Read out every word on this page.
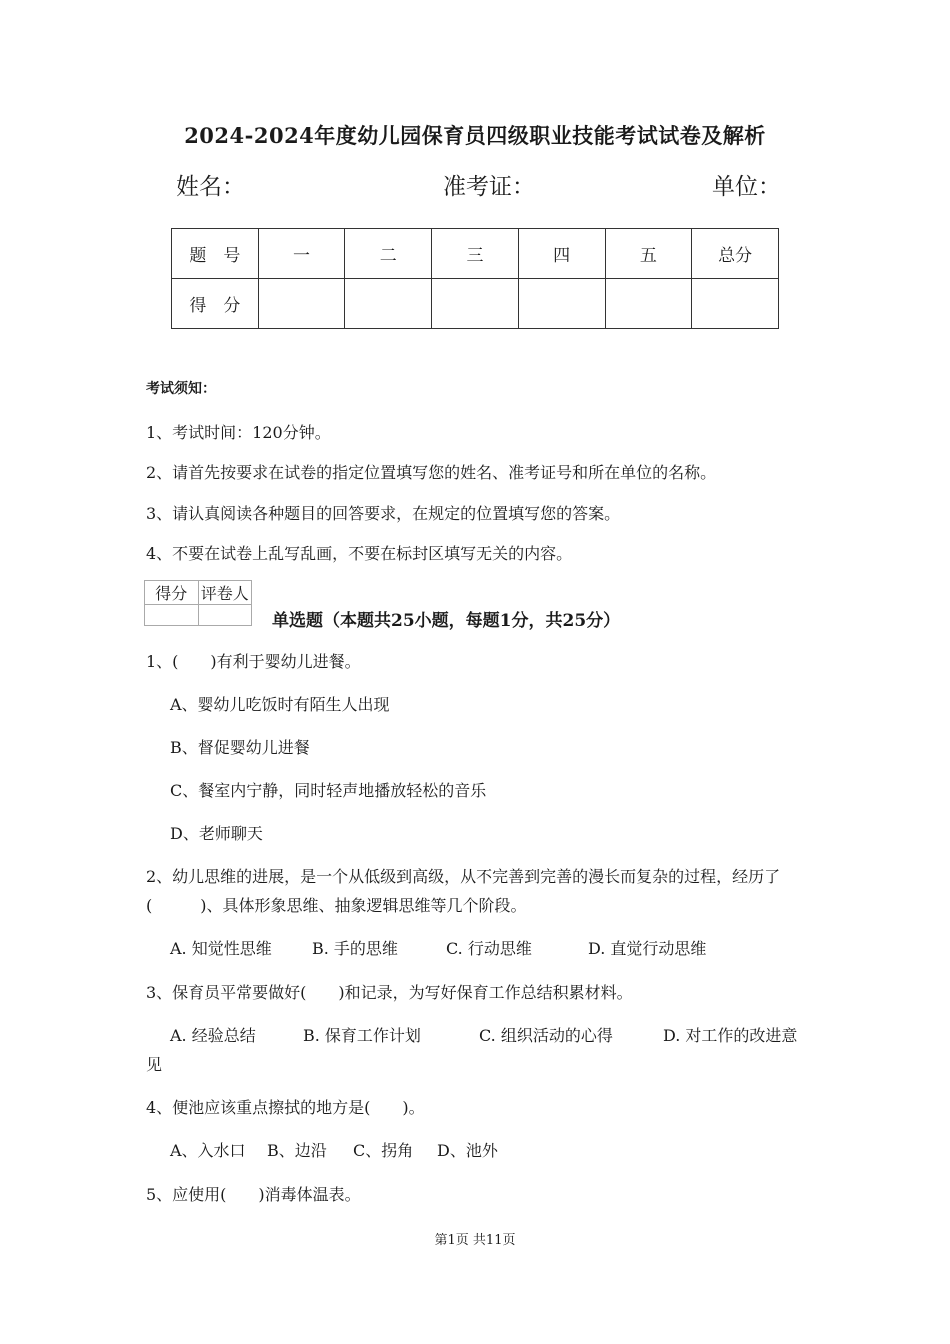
2024-2024年度幼儿园保育员四级职业技能考试试卷及解析
姓名：	准考证：	单位：
题　号	一	二	三	四	五	总分
得　分						
考试须知：
1、考试时间：120分钟。
2、请首先按要求在试卷的指定位置填写您的姓名、准考证号和所在单位的名称。
3、请认真阅读各种题目的回答要求，在规定的位置填写您的答案。
4、不要在试卷上乱写乱画，不要在标封区填写无关的内容。
得分	评卷人

单选题（本题共25小题，每题1分，共25分）
1、(　　)有利于婴幼儿进餐。
A、婴幼儿吃饭时有陌生人出现
B、督促婴幼儿进餐
C、餐室内宁静，同时轻声地播放轻松的音乐
D、老师聊天
2、幼儿思维的进展，是一个从低级到高级，从不完善到完善的漫长而复杂的过程，经历了
(　　　)、具体形象思维、抽象逻辑思维等几个阶段。
A. 知觉性思维	B. 手的思维	C. 行动思维	D. 直觉行动思维
3、保育员平常要做好(　　)和记录，为写好保育工作总结积累材料。
A. 经验总结	B. 保育工作计划	C. 组织活动的心得	D. 对工作的改进意
见
4、便池应该重点擦拭的地方是(　　)。
A、入水口 B、边沿 C、拐角 D、池外
5、应使用(　　)消毒体温表。
第1页 共11页
